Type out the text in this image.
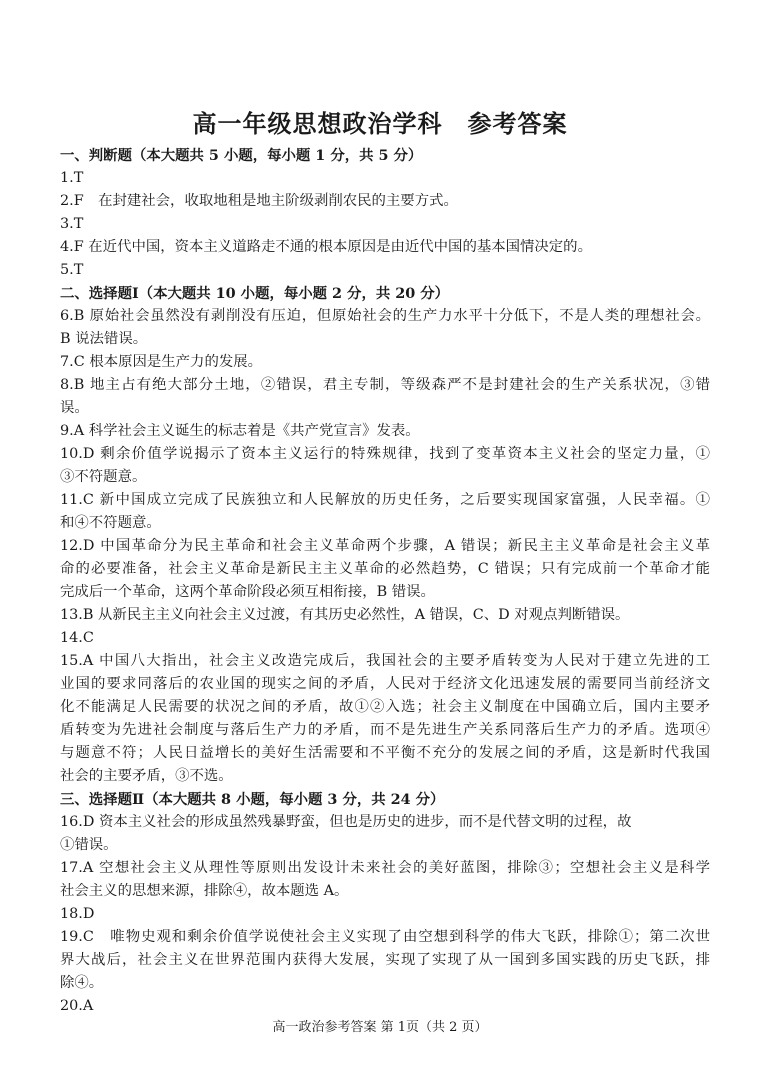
高一年级思想政治学科　参考答案
一、判断题（本大题共 5 小题，每小题 1 分，共 5 分）
1.T
2.F　在封建社会，收取地租是地主阶级剥削农民的主要方式。
3.T
4.F 在近代中国，资本主义道路走不通的根本原因是由近代中国的基本国情决定的。
5.T
二、选择题Ⅰ（本大题共 10 小题，每小题 2 分，共 20 分）
6.B 原始社会虽然没有剥削没有压迫，但原始社会的生产力水平十分低下，不是人类的理想社会。
B 说法错误。
7.C 根本原因是生产力的发展。
8.B 地主占有绝大部分土地，②错误，君主专制，等级森严不是封建社会的生产关系状况，③错
误。
9.A 科学社会主义诞生的标志着是《共产党宣言》发表。
10.D 剩余价值学说揭示了资本主义运行的特殊规律，找到了变革资本主义社会的坚定力量，①
③不符题意。
11.C 新中国成立完成了民族独立和人民解放的历史任务，之后要实现国家富强，人民幸福。①
和④不符题意。
12.D 中国革命分为民主革命和社会主义革命两个步骤，A 错误；新民主主义革命是社会主义革
命的必要准备，社会主义革命是新民主主义革命的必然趋势，C 错误；只有完成前一个革命才能
完成后一个革命，这两个革命阶段必须互相衔接，B 错误。
13.B 从新民主主义向社会主义过渡，有其历史必然性，A 错误，C、D 对观点判断错误。
14.C
15.A 中国八大指出，社会主义改造完成后，我国社会的主要矛盾转变为人民对于建立先进的工
业国的要求同落后的农业国的现实之间的矛盾，人民对于经济文化迅速发展的需要同当前经济文
化不能满足人民需要的状况之间的矛盾，故①②入选；社会主义制度在中国确立后，国内主要矛
盾转变为先进社会制度与落后生产力的矛盾，而不是先进生产关系同落后生产力的矛盾。选项④
与题意不符；人民日益增长的美好生活需要和不平衡不充分的发展之间的矛盾，这是新时代我国
社会的主要矛盾，③不选。
三、选择题Ⅱ（本大题共 8 小题，每小题 3 分，共 24 分）
16.D 资本主义社会的形成虽然残暴野蛮，但也是历史的进步，而不是代替文明的过程，故
①错误。
17.A 空想社会主义从理性等原则出发设计未来社会的美好蓝图，排除③；空想社会主义是科学
社会主义的思想来源，排除④，故本题选 A。
18.D
19.C　唯物史观和剩余价值学说使社会主义实现了由空想到科学的伟大飞跃，排除①；第二次世
界大战后，社会主义在世界范围内获得大发展，实现了实现了从一国到多国实践的历史飞跃，排
除④。
20.A
高一政治参考答案 第 1页（共 2 页）
